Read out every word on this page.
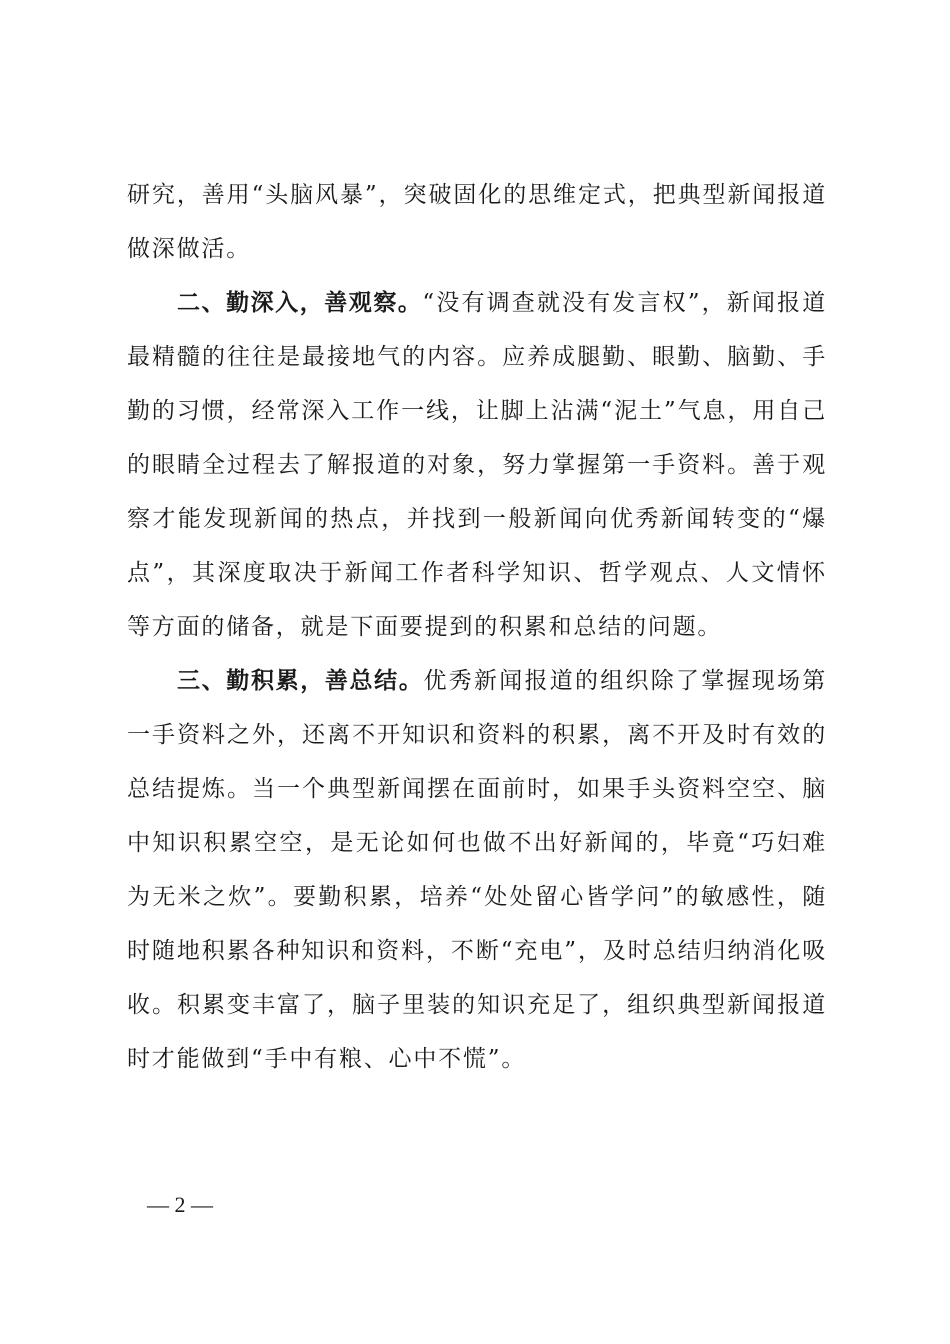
研究，善用“头脑风暴”，突破固化的思维定式，把典型新闻报道做深做活。

二、勤深入，善观察。“没有调查就没有发言权”，新闻报道最精髓的往往是最接地气的内容。应养成腿勤、眼勤、脑勤、手勤的习惯，经常深入工作一线，让脚上沾满“泥土”气息，用自己的眼睛全过程去了解报道的对象，努力掌握第一手资料。善于观察才能发现新闻的热点，并找到一般新闻向优秀新闻转变的“爆点”，其深度取决于新闻工作者科学知识、哲学观点、人文情怀等方面的储备，就是下面要提到的积累和总结的问题。

三、勤积累，善总结。优秀新闻报道的组织除了掌握现场第一手资料之外，还离不开知识和资料的积累，离不开及时有效的总结提炼。当一个典型新闻摆在面前时，如果手头资料空空、脑中知识积累空空，是无论如何也做不出好新闻的，毕竟“巧妇难为无米之炊”。要勤积累，培养“处处留心皆学问”的敏感性，随时随地积累各种知识和资料，不断“充电”，及时总结归纳消化吸收。积累变丰富了，脑子里装的知识充足了，组织典型新闻报道时才能做到“手中有粮、心中不慌”。

— 2 —
